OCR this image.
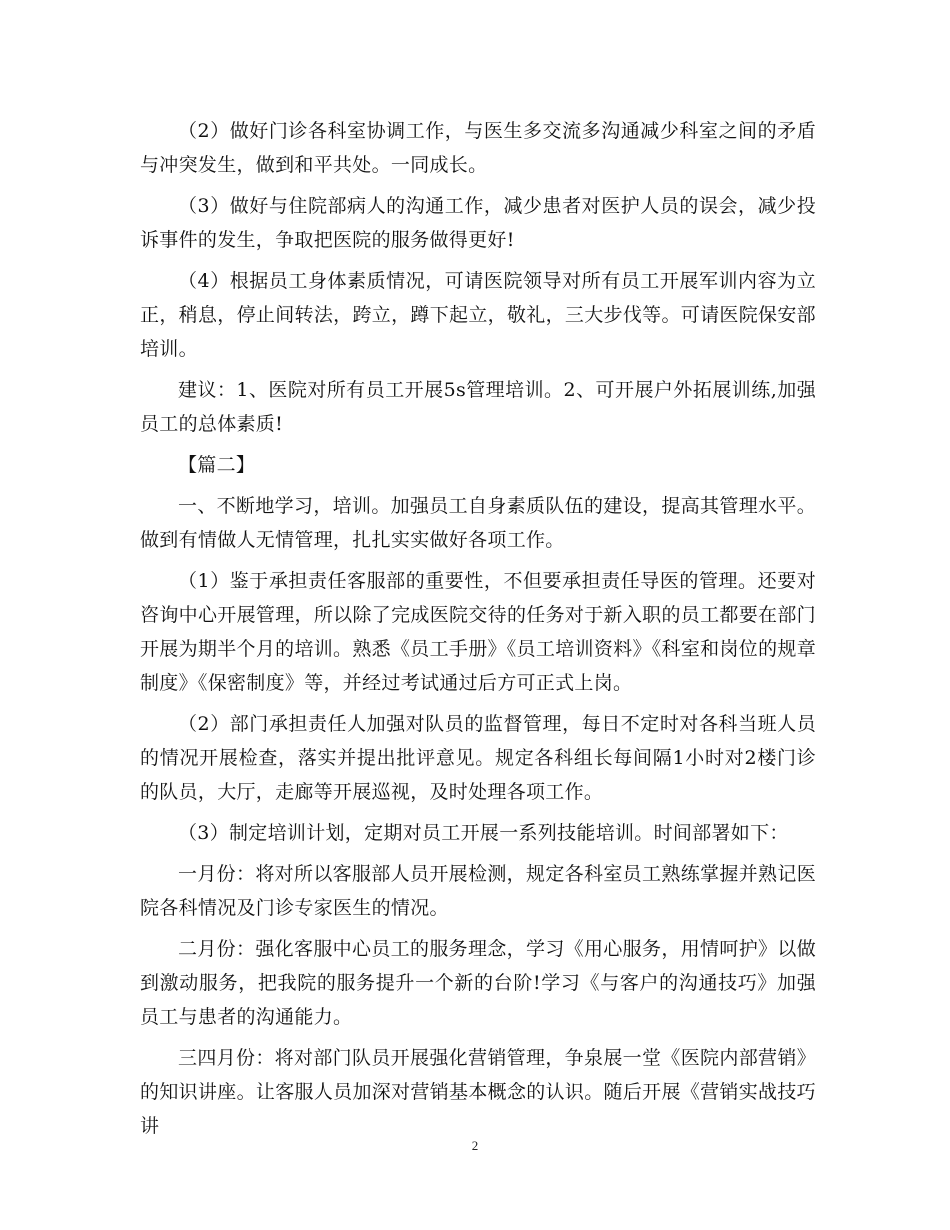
（2）做好门诊各科室协调工作，与医生多交流多沟通减少科室之间的矛盾与冲突发生，做到和平共处。一同成长。

（3）做好与住院部病人的沟通工作，减少患者对医护人员的误会，减少投诉事件的发生，争取把医院的服务做得更好!

（4）根据员工身体素质情况，可请医院领导对所有员工开展军训内容为立正，稍息，停止间转法，跨立，蹲下起立，敬礼，三大步伐等。可请医院保安部培训。

建议：1、医院对所有员工开展5s管理培训。2、可开展户外拓展训练,加强员工的总体素质!

【篇二】

一、不断地学习，培训。加强员工自身素质队伍的建设，提高其管理水平。做到有情做人无情管理，扎扎实实做好各项工作。

（1）鉴于承担责任客服部的重要性，不但要承担责任导医的管理。还要对咨询中心开展管理，所以除了完成医院交待的任务对于新入职的员工都要在部门开展为期半个月的培训。熟悉《员工手册》《员工培训资料》《科室和岗位的规章制度》《保密制度》等，并经过考试通过后方可正式上岗。

（2）部门承担责任人加强对队员的监督管理，每日不定时对各科当班人员的情况开展检查，落实并提出批评意见。规定各科组长每间隔1小时对2楼门诊的队员，大厅，走廊等开展巡视，及时处理各项工作。

（3）制定培训计划，定期对员工开展一系列技能培训。时间部署如下：

一月份：将对所以客服部人员开展检测，规定各科室员工熟练掌握并熟记医院各科情况及门诊专家医生的情况。

二月份：强化客服中心员工的服务理念，学习《用心服务，用情呵护》以做到激动服务，把我院的服务提升一个新的台阶!学习《与客户的沟通技巧》加强员工与患者的沟通能力。

三四月份：将对部门队员开展强化营销管理，争泉展一堂《医院内部营销》的知识讲座。让客服人员加深对营销基本概念的认识。随后开展《营销实战技巧讲

2
